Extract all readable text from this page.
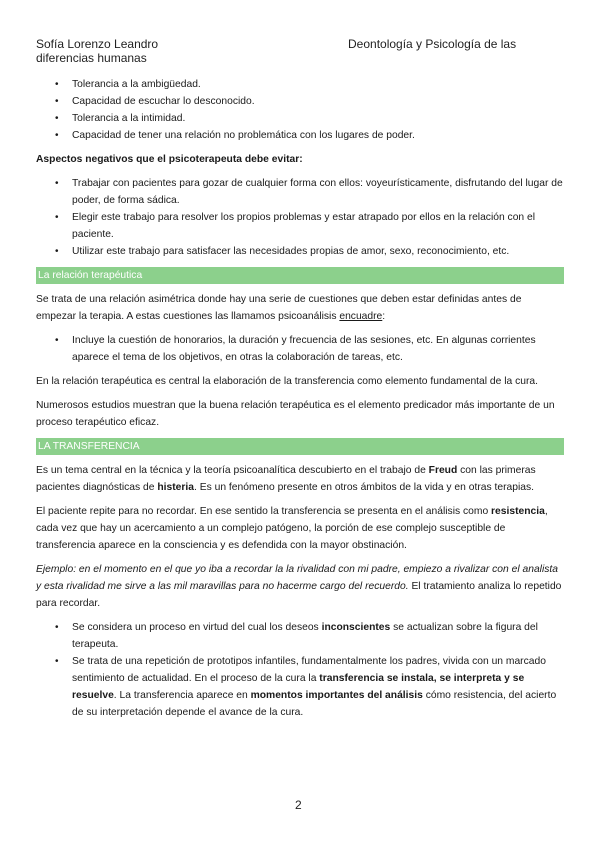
Sofía Lorenzo Leandro
diferencias humanas
Deontología y Psicología de las
• Tolerancia a la ambigüedad.
• Capacidad de escuchar lo desconocido.
• Tolerancia a la intimidad.
• Capacidad de tener una relación no problemática con los lugares de poder.

Aspectos negativos que el psicoterapeuta debe evitar:

• Trabajar con pacientes para gozar de cualquier forma con ellos: voyeurísticamente, disfrutando del lugar de poder, de forma sádica.
• Elegir este trabajo para resolver los propios problemas y estar atrapado por ellos en la relación con el paciente.
• Utilizar este trabajo para satisfacer las necesidades propias de amor, sexo, reconocimiento, etc.
La relación terapéutica

Se trata de una relación asimétrica donde hay una serie de cuestiones que deben estar definidas antes de empezar la terapia. A estas cuestiones las llamamos psicoanálisis encuadre:

• Incluye la cuestión de honorarios, la duración y frecuencia de las sesiones, etc. En algunas corrientes aparece el tema de los objetivos, en otras la colaboración de tareas, etc.

En la relación terapéutica es central la elaboración de la transferencia como elemento fundamental de la cura.

Numerosos estudios muestran que la buena relación terapéutica es el elemento predicador más importante de un proceso terapéutico eficaz.

LA TRANSFERENCIA

Es un tema central en la técnica y la teoría psicoanalítica descubierto en el trabajo de Freud con las primeras pacientes diagnósticas de histeria. Es un fenómeno presente en otros ámbitos de la vida y en otras terapias.

El paciente repite para no recordar. En ese sentido la transferencia se presenta en el análisis como resistencia, cada vez que hay un acercamiento a un complejo patógeno, la porción de ese complejo susceptible de transferencia aparece en la consciencia y es defendida con la mayor obstinación.

Ejemplo: en el momento en el que yo iba a recordar la la rivalidad con mi padre, empiezo a rivalizar con el analista y esta rivalidad me sirve a las mil maravillas para no hacerme cargo del recuerdo. El tratamiento analiza lo repetido para recordar.

• Se considera un proceso en virtud del cual los deseos inconscientes se actualizan sobre la figura del terapeuta.
• Se trata de una repetición de prototipos infantiles, fundamentalmente los padres, vivida con un marcado sentimiento de actualidad. En el proceso de la cura la transferencia se instala, se interpreta y se resuelve. La transferencia aparece en momentos importantes del análisis cómo resistencia, del acierto de su interpretación depende el avance de la cura.
2
